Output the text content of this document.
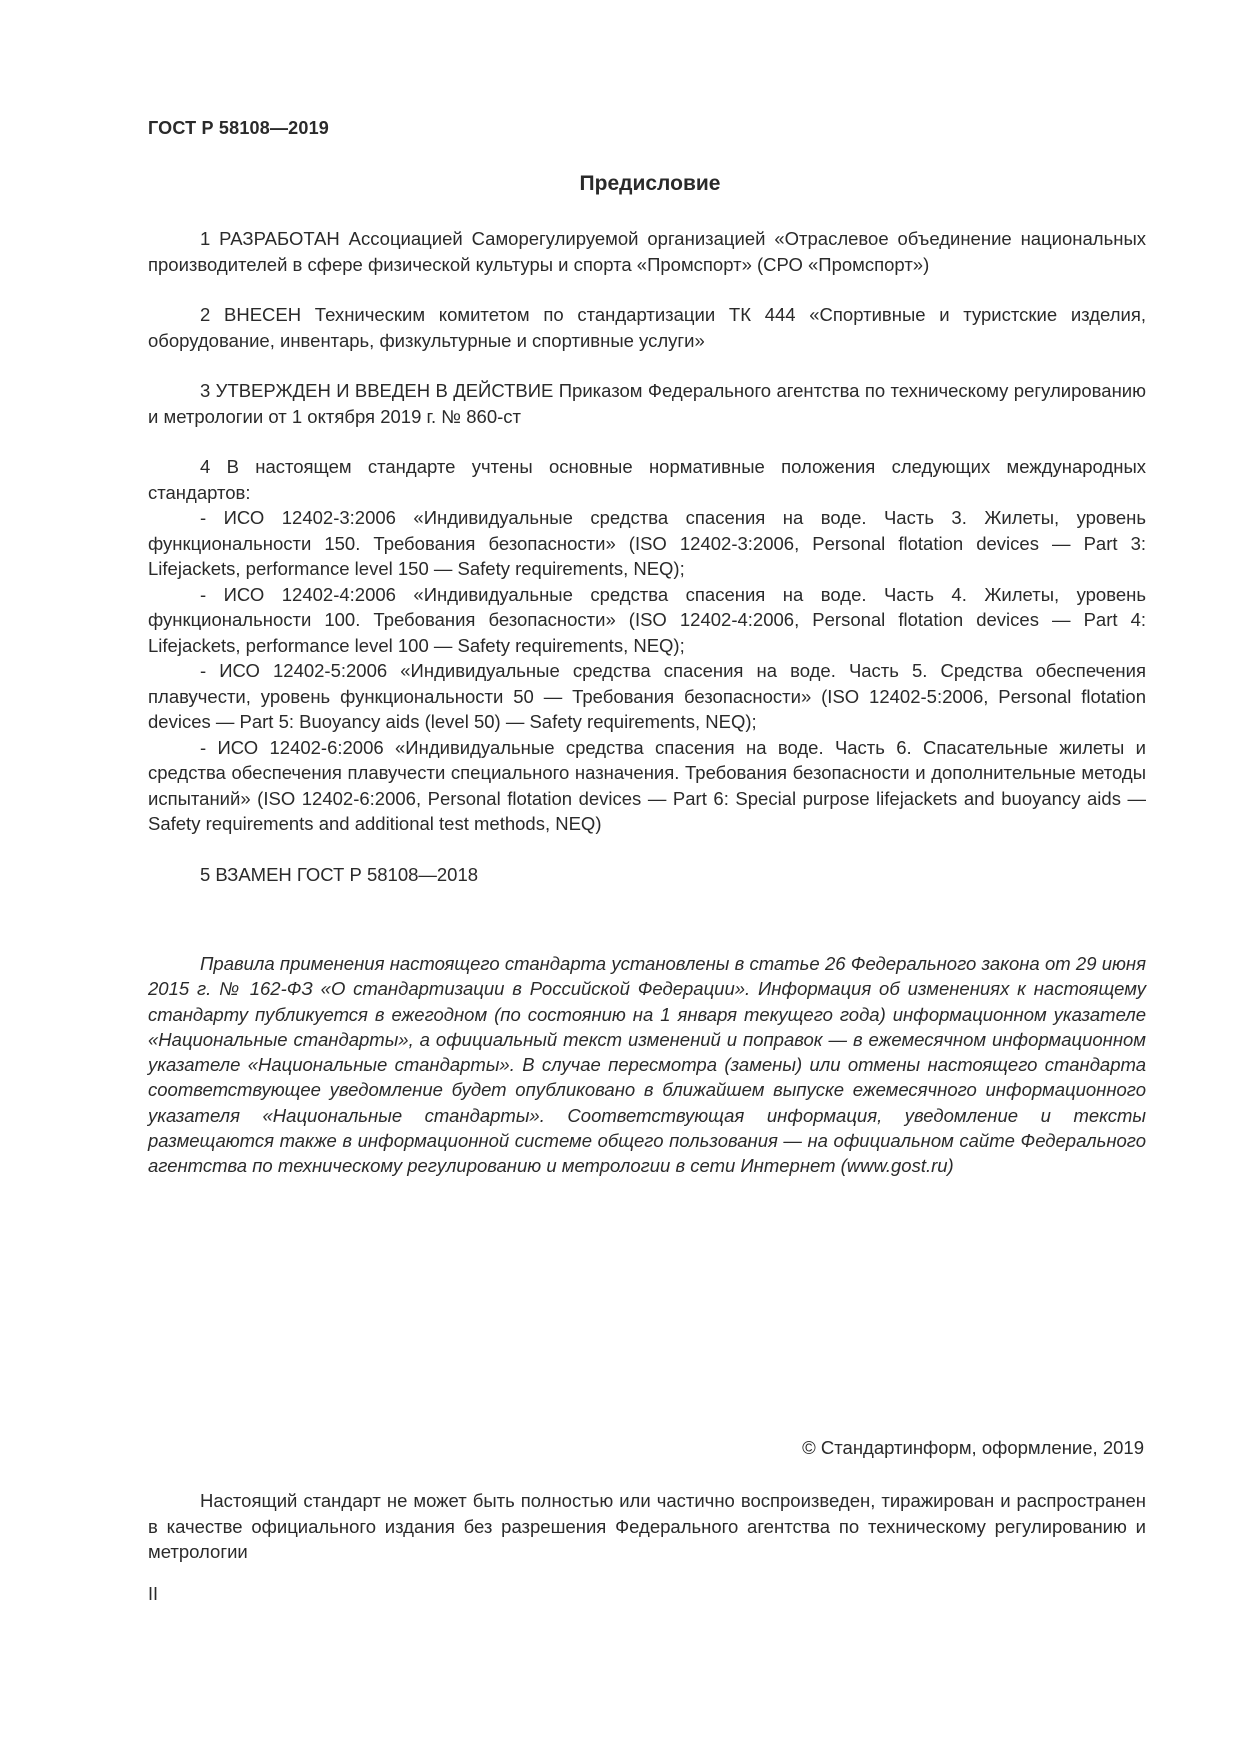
ГОСТ Р 58108—2019
Предисловие

1 РАЗРАБОТАН Ассоциацией Саморегулируемой организацией «Отраслевое объединение национальных производителей в сфере физической культуры и спорта «Промспорт» (СРО «Промспорт»)

2 ВНЕСЕН Техническим комитетом по стандартизации ТК 444 «Спортивные и туристские изделия, оборудование, инвентарь, физкультурные и спортивные услуги»

3 УТВЕРЖДЕН И ВВЕДЕН В ДЕЙСТВИЕ Приказом Федерального агентства по техническому регулированию и метрологии от 1 октября 2019 г. № 860-ст

4 В настоящем стандарте учтены основные нормативные положения следующих международных стандартов:

- ИСО 12402-3:2006 «Индивидуальные средства спасения на воде. Часть 3. Жилеты, уровень функциональности 150. Требования безопасности» (ISO 12402-3:2006, Personal flotation devices — Part 3: Lifejackets, performance level 150 — Safety requirements, NEQ);

- ИСО 12402-4:2006 «Индивидуальные средства спасения на воде. Часть 4. Жилеты, уровень функциональности 100. Требования безопасности» (ISO 12402-4:2006, Personal flotation devices — Part 4: Lifejackets, performance level 100 — Safety requirements, NEQ);

- ИСО 12402-5:2006 «Индивидуальные средства спасения на воде. Часть 5. Средства обеспечения плавучести, уровень функциональности 50 — Требования безопасности» (ISO 12402-5:2006, Personal flotation devices — Part 5: Buoyancy aids (level 50) — Safety requirements, NEQ);

- ИСО 12402-6:2006 «Индивидуальные средства спасения на воде. Часть 6. Спасательные жилеты и средства обеспечения плавучести специального назначения. Требования безопасности и дополнительные методы испытаний» (ISO 12402-6:2006, Personal flotation devices — Part 6: Special purpose lifejackets and buoyancy aids — Safety requirements and additional test methods, NEQ)

5 ВЗАМЕН ГОСТ Р 58108—2018

Правила применения настоящего стандарта установлены в статье 26 Федерального закона от 29 июня 2015 г. № 162-ФЗ «О стандартизации в Российской Федерации». Информация об изменениях к настоящему стандарту публикуется в ежегодном (по состоянию на 1 января текущего года) информационном указателе «Национальные стандарты», а официальный текст изменений и поправок — в ежемесячном информационном указателе «Национальные стандарты». В случае пересмотра (замены) или отмены настоящего стандарта соответствующее уведомление будет опубликовано в ближайшем выпуске ежемесячного информационного указателя «Национальные стандарты». Соответствующая информация, уведомление и тексты размещаются также в информационной системе общего пользования — на официальном сайте Федерального агентства по техническому регулированию и метрологии в сети Интернет (www.gost.ru)
© Стандартинформ, оформление, 2019
Настоящий стандарт не может быть полностью или частично воспроизведен, тиражирован и распространен в качестве официального издания без разрешения Федерального агентства по техническому регулированию и метрологии
II
